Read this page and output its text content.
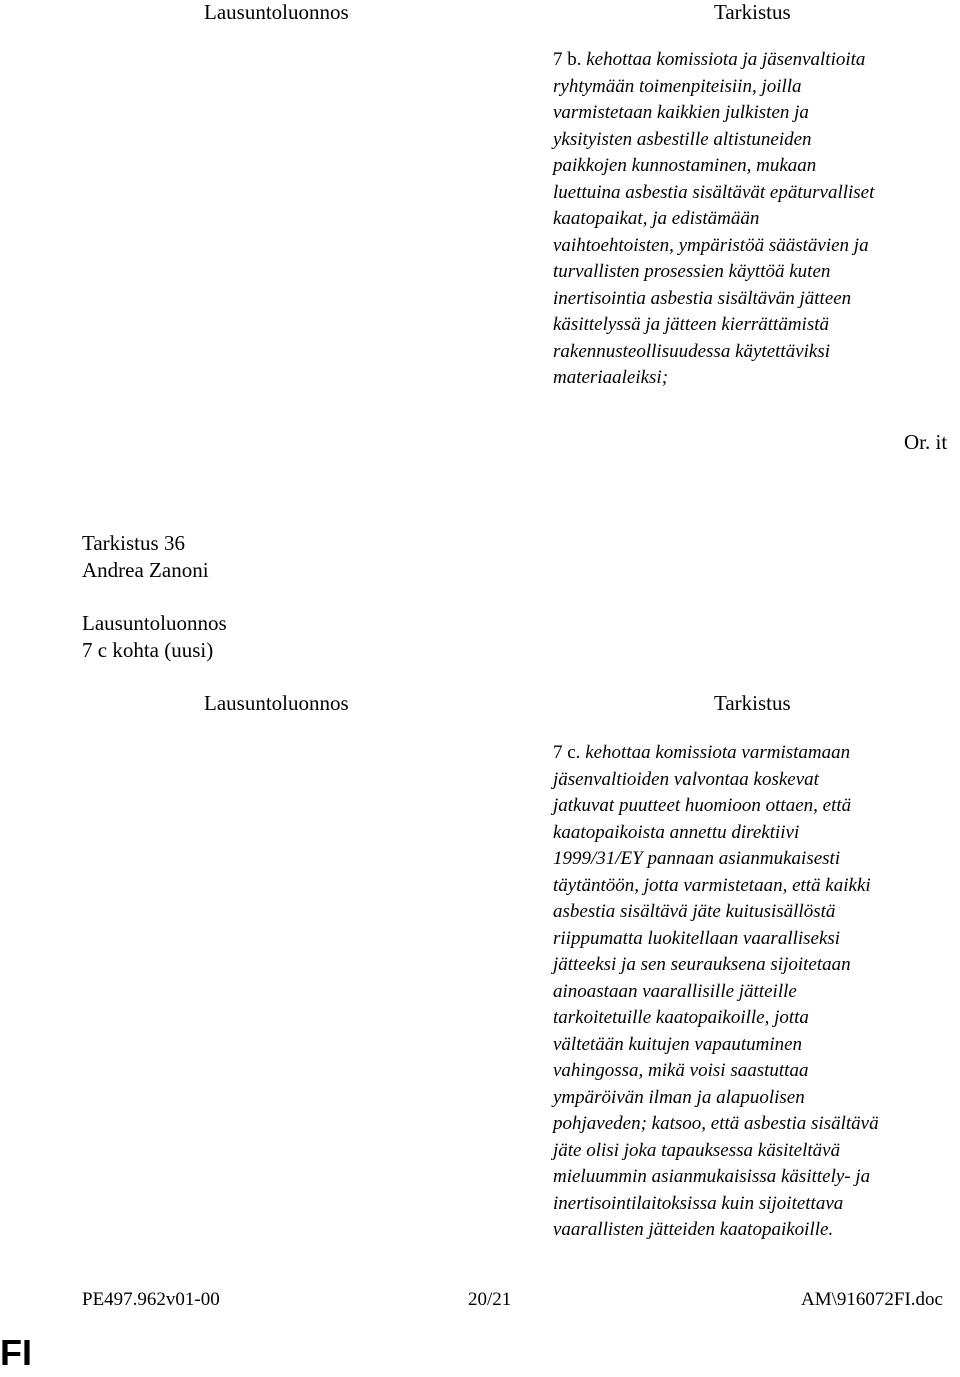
Lausuntoluonnos	Tarkistus
7 b. kehottaa komissiota ja jäsenvaltioita
ryhtymään toimenpiteisiin, joilla
varmistetaan kaikkien julkisten ja
yksityisten asbestille altistuneiden
paikkojen kunnostaminen, mukaan
luettuina asbestia sisältävät epäturvalliset
kaatopaikat, ja edistämään
vaihtoehtoisten, ympäristöä säästävien ja
turvallisten prosessien käyttöä kuten
inertisointia asbestia sisältävän jätteen
käsittelyssä ja jätteen kierrättämistä
rakennusteollisuudessa käytettäviksi
materiaaleiksi;
Or. it
Tarkistus 36
Andrea Zanoni
Lausuntoluonnos
7 c kohta (uusi)
Lausuntoluonnos	Tarkistus
7 c. kehottaa komissiota varmistamaan
jäsenvaltioiden valvontaa koskevat
jatkuvat puutteet huomioon ottaen, että
kaatopaikoista annettu direktiivi
1999/31/EY pannaan asianmukaisesti
täytäntöön, jotta varmistetaan, että kaikki
asbestia sisältävä jäte kuitusisällöstä
riippumatta luokitellaan vaaralliseksi
jätteeksi ja sen seurauksena sijoitetaan
ainoastaan vaarallisille jätteille
tarkoitetuille kaatopaikoille, jotta
vältetään kuitujen vapautuminen
vahingossa, mikä voisi saastuttaa
ympäröivän ilman ja alapuolisen
pohjaveden; katsoo, että asbestia sisältävä
jäte olisi joka tapauksessa käsiteltävä
mieluummin asianmukaisissa käsittely- ja
inertisointilaitoksissa kuin sijoitettava
vaarallisten jätteiden kaatopaikoille.
PE497.962v01-00	20/21	AM\916072FI.doc
FI
